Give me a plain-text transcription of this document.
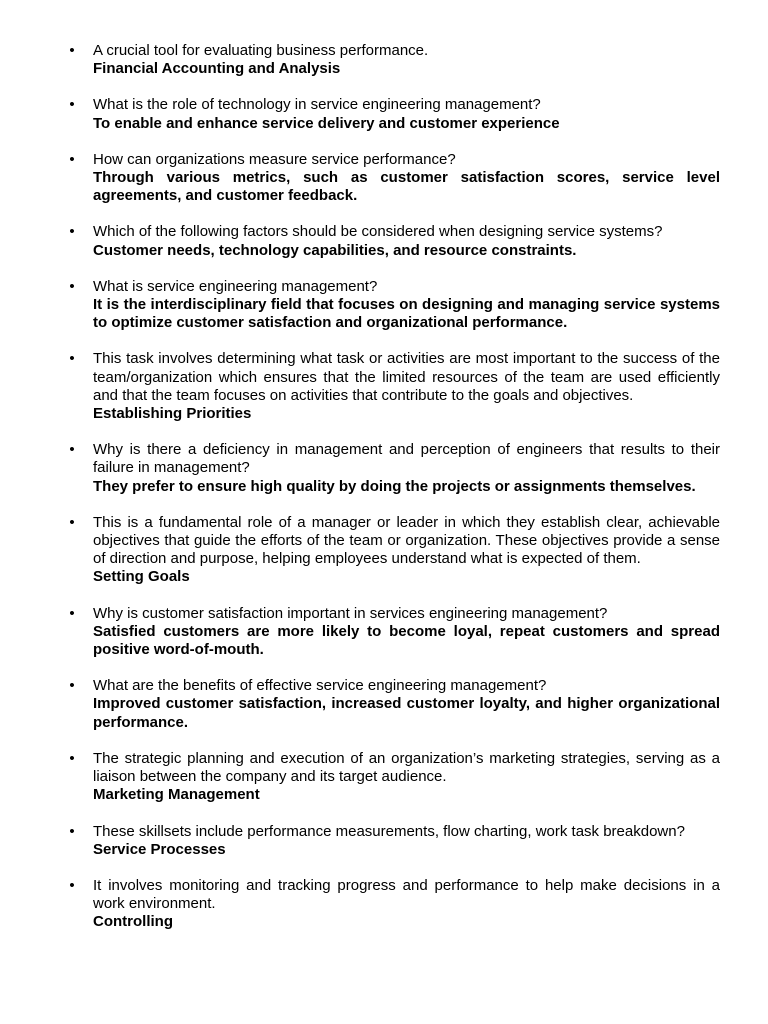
• A crucial tool for evaluating business performance.
Financial Accounting and Analysis
• What is the role of technology in service engineering management?
To enable and enhance service delivery and customer experience
• How can organizations measure service performance?
Through various metrics, such as customer satisfaction scores, service level agreements, and customer feedback.
• Which of the following factors should be considered when designing service systems?
Customer needs, technology capabilities, and resource constraints.
• What is service engineering management?
It is the interdisciplinary field that focuses on designing and managing service systems to optimize customer satisfaction and organizational performance.
• This task involves determining what task or activities are most important to the success of the team/organization which ensures that the limited resources of the team are used efficiently and that the team focuses on activities that contribute to the goals and objectives.
Establishing Priorities
• Why is there a deficiency in management and perception of engineers that results to their failure in management?
They prefer to ensure high quality by doing the projects or assignments themselves.
• This is a fundamental role of a manager or leader in which they establish clear, achievable objectives that guide the efforts of the team or organization. These objectives provide a sense of direction and purpose, helping employees understand what is expected of them.
Setting Goals
• Why is customer satisfaction important in services engineering management?
Satisfied customers are more likely to become loyal, repeat customers and spread positive word-of-mouth.
• What are the benefits of effective service engineering management?
Improved customer satisfaction, increased customer loyalty, and higher organizational performance.
• The strategic planning and execution of an organization’s marketing strategies, serving as a liaison between the company and its target audience.
Marketing Management
• These skillsets include performance measurements, flow charting, work task breakdown?
Service Processes
• It involves monitoring and tracking progress and performance to help make decisions in a work environment.
Controlling
